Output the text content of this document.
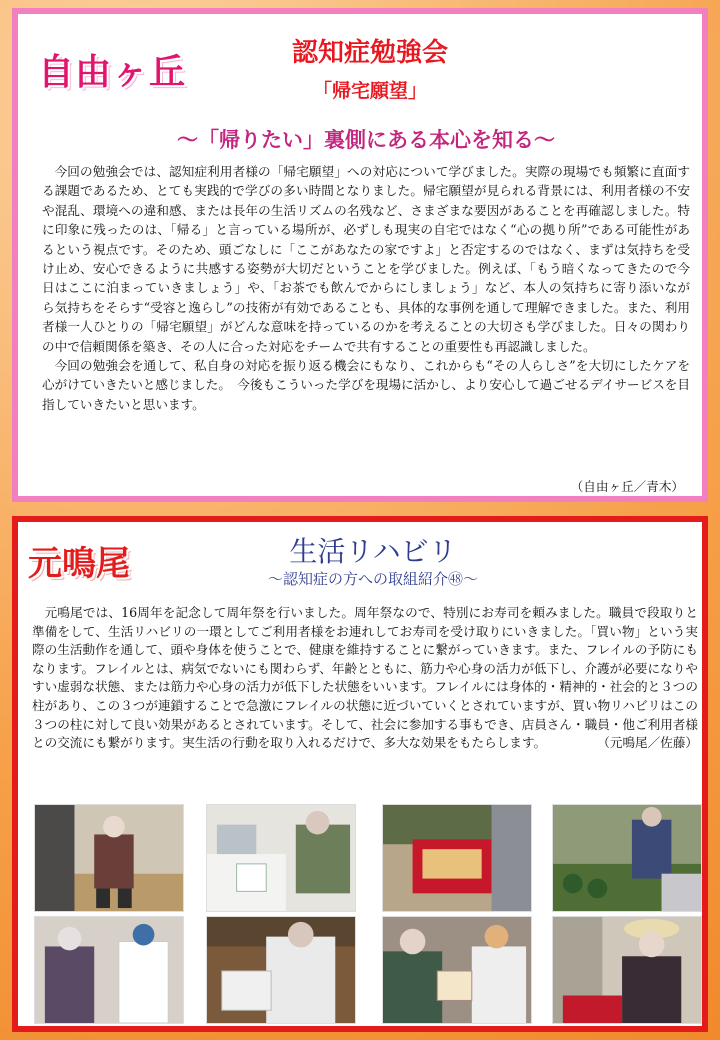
自由ヶ丘	認知症勉強会
「帰宅願望」
〜「帰りたい」裏側にある本心を知る〜

今回の勉強会では、認知症利用者様の「帰宅願望」への対応について学びました。実際の現場でも頻繁に直面する課題であるため、とても実践的で学びの多い時間となりました。帰宅願望が見られる背景には、利用者様の不安や混乱、環境への違和感、または長年の生活リズムの名残など、さまざまな要因があることを再確認しました。特に印象に残ったのは、「帰る」と言っている場所が、必ずしも現実の自宅ではなく“心の拠り所”である可能性があるという視点です。そのため、頭ごなしに「ここがあなたの家ですよ」と否定するのではなく、まずは気持ちを受け止め、安心できるように共感する姿勢が大切だということを学びました。例えば、「もう暗くなってきたので今日はここに泊まっていきましょう」や、「お茶でも飲んでからにしましょう」など、本人の気持ちに寄り添いながら気持ちをそらす“受容と逸らし”の技術が有効であることも、具体的な事例を通して理解できました。また、利用者様一人ひとりの「帰宅願望」がどんな意味を持っているのかを考えることの大切さも学びました。日々の関わりの中で信頼関係を築き、その人に合った対応をチームで共有することの重要性も再認識しました。

今回の勉強会を通して、私自身の対応を振り返る機会にもなり、これからも“その人らしさ”を大切にしたケアを心がけていきたいと感じました。　今後もこういった学びを現場に活かし、より安心して過ごせるデイサービスを目指していきたいと思います。

（自由ヶ丘／青木）
元鳴尾	生活リハビリ
〜認知症の方への取組紹介㊽〜

元鳴尾では、16周年を記念して周年祭を行いました。周年祭なので、特別にお寿司を頼みました。職員で段取りと準備をして、生活リハビリの一環としてご利用者様をお連れしてお寿司を受け取りにいきました。「買い物」という実際の生活動作を通して、頭や身体を使うことで、健康を維持することに繋がっていきます。また、フレイルの予防にもなります。フレイルとは、病気でないにも関わらず、年齢とともに、筋力や心身の活力が低下し、介護が必要になりやすい虚弱な状態、または筋力や心身の活力が低下した状態をいいます。フレイルには身体的・精神的・社会的と３つの柱があり、この３つが連鎖することで急激にフレイルの状態に近づいていくとされていますが、買い物リハビリはこの３つの柱に対して良い効果があるとされています。そして、社会に参加する事もでき、店員さん・職員・他ご利用者様との交流にも繋がります。実生活の行動を取り入れるだけで、多大な効果をもたらします。	（元鳴尾／佐藤）
